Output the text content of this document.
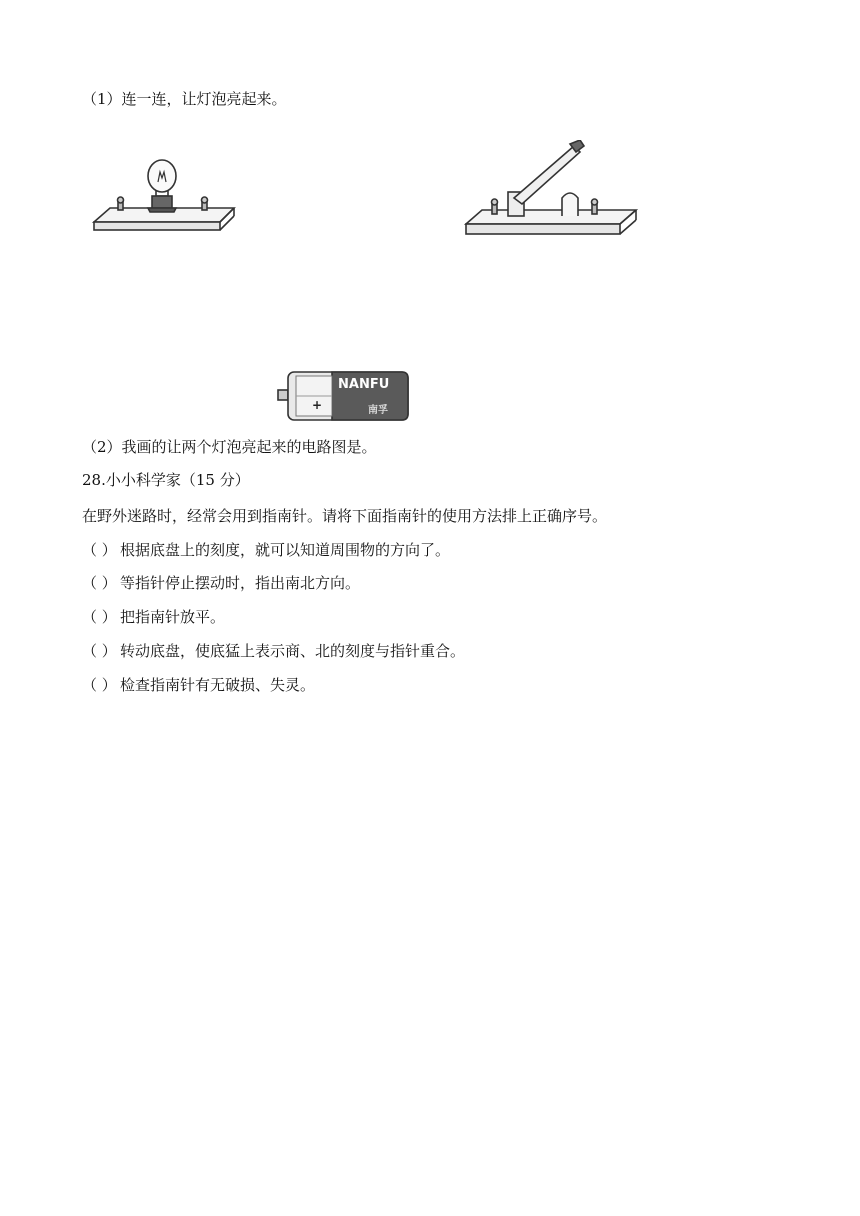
（1）连一连，让灯泡亮起来。
NANFU
+	南孚
（2）我画的让两个灯泡亮起来的电路图是。
28.小小科学家（15 分）
在野外迷路时，经常会用到指南针。请将下面指南针的使用方法排上正确序号。
（ ） 根据底盘上的刻度，就可以知道周围物的方向了。
（ ） 等指针停止摆动时，指出南北方向。
（ ） 把指南针放平。
（ ） 转动底盘，使底猛上表示商、北的刻度与指针重合。
（ ） 检查指南针有无破损、失灵。
